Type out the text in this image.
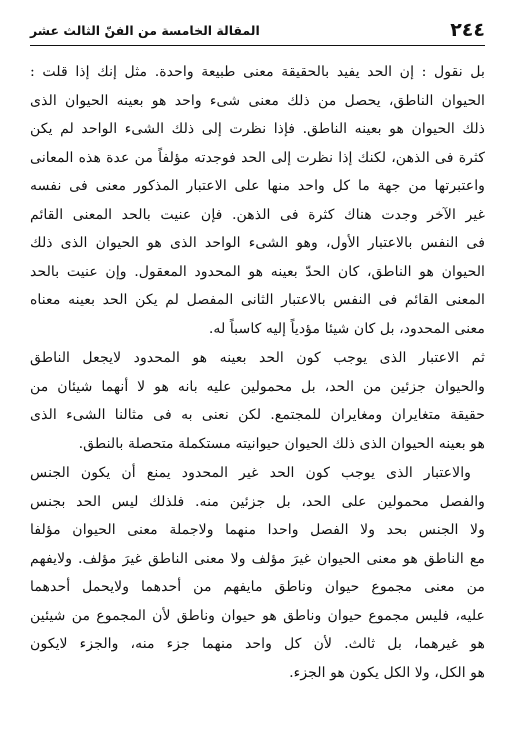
٢٤٤
المقالة الخامسة من الفنّ الثالث عشر

بل نقول : إن الحد يفيد بالحقيقة معنى طبيعة واحدة. مثل إنك إذا قلت :
الحيوان الناطق، يحصل من ذلك معنى شىء واحد هو بعينه الحيوان الذى
ذلك الحيوان هو بعينه الناطق. فإذا نظرت إلى ذلك الشىء الواحد لم يكن
كثرة فى الذهن، لكنك إذا نظرت إلى الحد فوجدته مؤلفاً من عدة هذه المعانى
واعتبرتها من جهة ما كل واحد منها على الاعتبار المذكور معنى فى نفسه
غير الآخر وجدت هناك كثرة فى الذهن. فإن عنيت بالحد المعنى القائم
فى النفس بالاعتبار الأول، وهو الشىء الواحد الذى هو الحيوان الذى ذلك
الحيوان هو الناطق، كان الحدّ بعينه هو المحدود المعقول. وإن عنيت بالحد
المعنى القائم فى النفس بالاعتبار الثانى المفصل لم يكن الحد بعينه معناه
معنى المحدود، بل كان شيئا مؤدياً إليه كاسباً له.

ثم الاعتبار الذى يوجب كون الحد بعينه هو المحدود لايجعل الناطق
والحيوان جزئين من الحد، بل محمولين عليه بانه هو لا أنهما شيئان من
حقيقة متغايران ومغايران للمجتمع. لكن نعنى به فى مثالنا الشىء الذى
هو بعينه الحيوان الذى ذلك الحيوان حيوانيته مستكملة متحصلة بالنطق.

والاعتبار الذى يوجب كون الحد غير المحدود يمنع أن يكون الجنس
والفصل محمولين على الحد، بل جزئين منه. فلذلك ليس الحد بجنس
ولا الجنس بحد ولا الفصل واحدا منهما ولاجملة معنى الحيوان مؤلفا
مع الناطق هو معنى الحيوان غيرَ مؤلف ولا معنى الناطق غيرَ مؤلف. ولايفهم
من معنى مجموع حيوان وناطق مايفهم من أحدهما ولايحمل أحدهما
عليه، فليس مجموع حيوان وناطق هو حيوان وناطق لأن المجموع من شيئين
هو غيرهما، بل ثالث. لأن كل واحد منهما جزء منه، والجزء لايكون
هو الكل، ولا الكل يكون هو الجزء.
